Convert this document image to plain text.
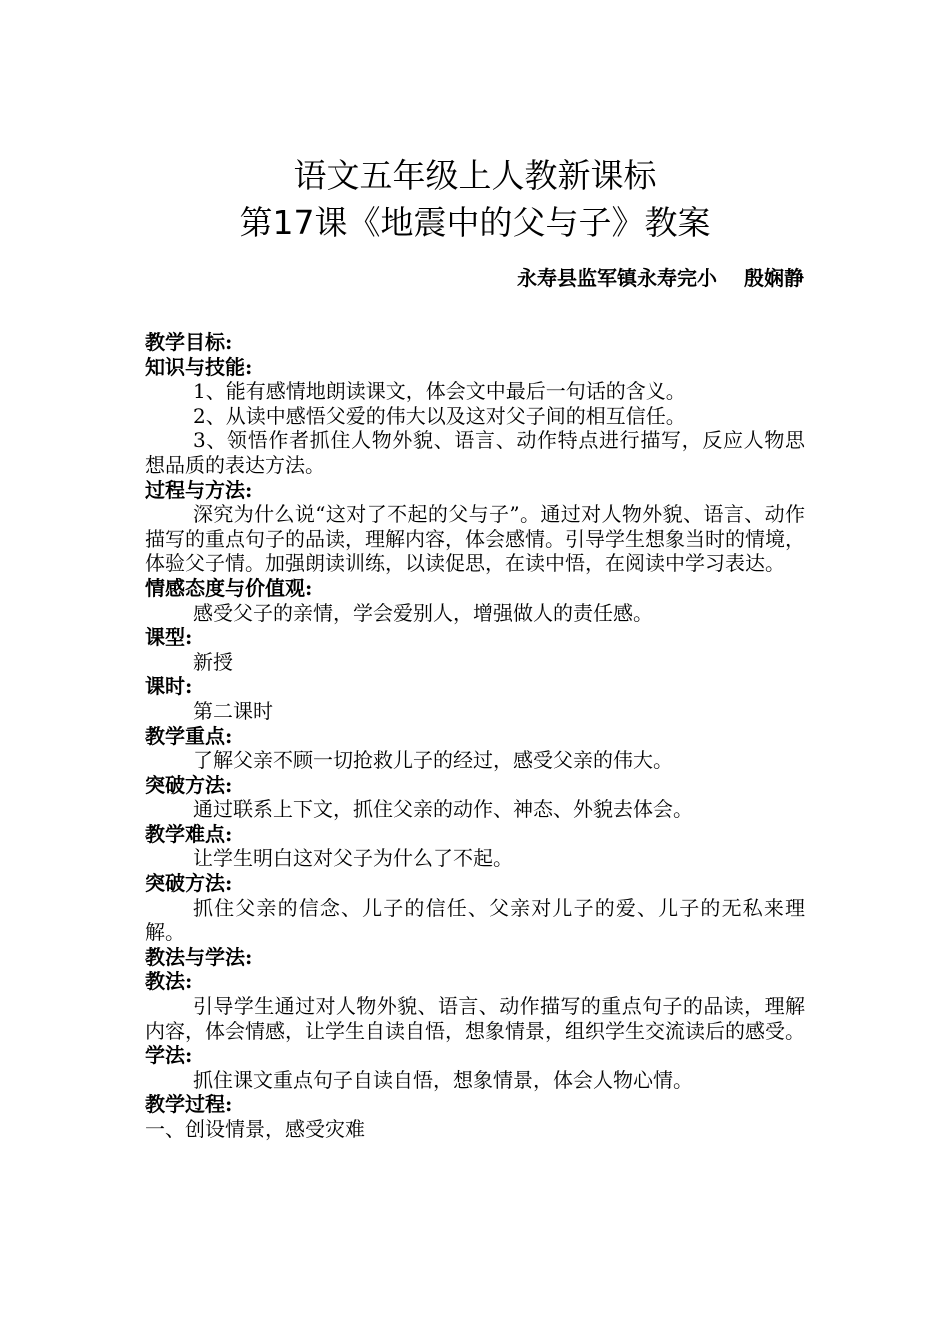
语文五年级上人教新课标
第17课《地震中的父与子》教案
永寿县监军镇永寿完小　 殷娴静

教学目标:

知识与技能:

1、能有感情地朗读课文，体会文中最后一句话的含义。

2、从读中感悟父爱的伟大以及这对父子间的相互信任。

3、领悟作者抓住人物外貌、语言、动作特点进行描写，反应人物思想品质的表达方法。

过程与方法:

深究为什么说“这对了不起的父与子”。通过对人物外貌、语言、动作描写的重点句子的品读，理解内容，体会感情。引导学生想象当时的情境，体验父子情。加强朗读训练，以读促思，在读中悟，在阅读中学习表达。

情感态度与价值观:

感受父子的亲情，学会爱别人，增强做人的责任感。

课型:

新授

课时:

第二课时

教学重点:

了解父亲不顾一切抢救儿子的经过，感受父亲的伟大。

突破方法:

通过联系上下文，抓住父亲的动作、神态、外貌去体会。

教学难点:

让学生明白这对父子为什么了不起。

突破方法:

抓住父亲的信念、儿子的信任、父亲对儿子的爱、儿子的无私来理解。

教法与学法:

教法:

引导学生通过对人物外貌、语言、动作描写的重点句子的品读，理解内容，体会情感，让学生自读自悟，想象情景，组织学生交流读后的感受。

学法:

抓住课文重点句子自读自悟，想象情景，体会人物心情。

教学过程:

一、创设情景，感受灾难
